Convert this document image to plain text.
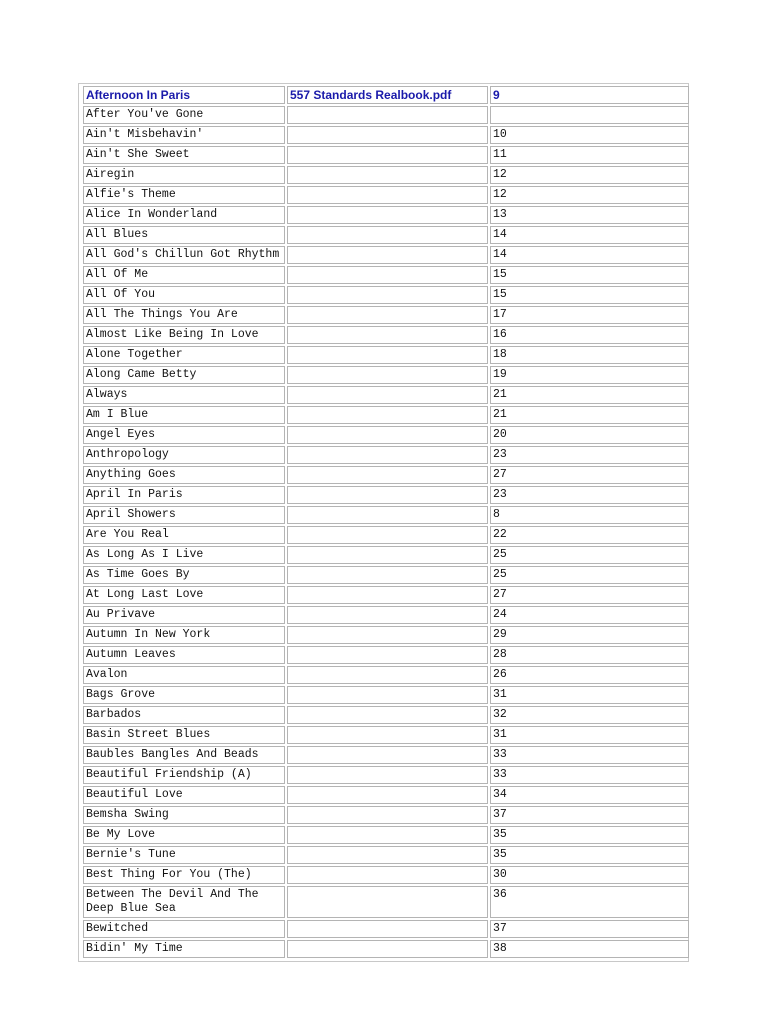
Afternoon In Paris	557 Standards Realbook.pdf	9
After You've Gone		
Ain't Misbehavin'		10
Ain't She Sweet		11
Airegin		12
Alfie's Theme		12
Alice In Wonderland		13
All Blues		14
All God's Chillun Got Rhythm		14
All Of Me		15
All Of You		15
All The Things You Are		17
Almost Like Being In Love		16
Alone Together		18
Along Came Betty		19
Always		21
Am I Blue		21
Angel Eyes		20
Anthropology		23
Anything Goes		27
April In Paris		23
April Showers		8
Are You Real		22
As Long As I Live		25
As Time Goes By		25
At Long Last Love		27
Au Privave		24
Autumn In New York		29
Autumn Leaves		28
Avalon		26
Bags Grove		31
Barbados		32
Basin Street Blues		31
Baubles Bangles And Beads		33
Beautiful Friendship (A)		33
Beautiful Love		34
Bemsha Swing		37
Be My Love		35
Bernie's Tune		35
Best Thing For You (The)		30
Between The Devil And The Deep Blue Sea		36
Bewitched		37
Bidin' My Time		38
